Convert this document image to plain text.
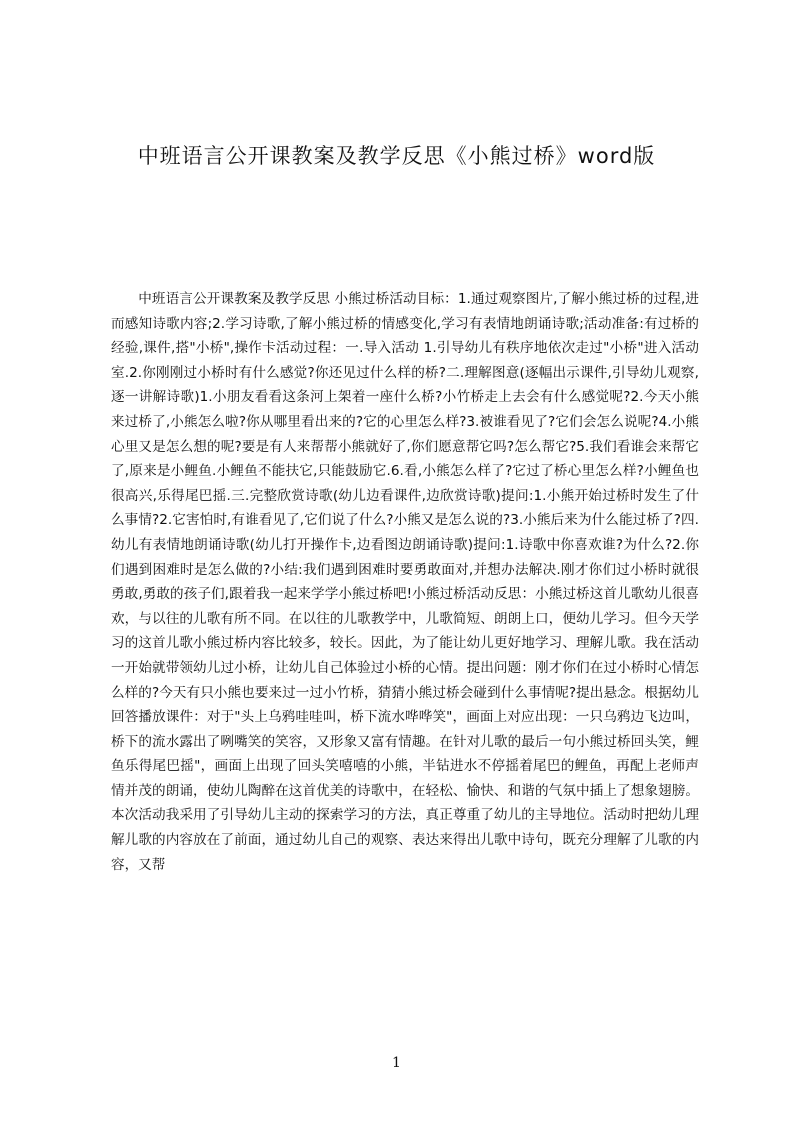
中班语言公开课教案及教学反思《小熊过桥》word版

中班语言公开课教案及教学反思 小熊过桥活动目标：1.通过观察图片,了解小熊过桥的过程,进而感知诗歌内容;2.学习诗歌,了解小熊过桥的情感变化,学习有表情地朗诵诗歌;活动准备:有过桥的经验,课件,搭"小桥",操作卡活动过程：一.导入活动 1.引导幼儿有秩序地依次走过"小桥"进入活动室.2.你刚刚过小桥时有什么感觉?你还见过什么样的桥?二.理解图意(逐幅出示课件,引导幼儿观察,逐一讲解诗歌)1.小朋友看看这条河上架着一座什么桥?小竹桥走上去会有什么感觉呢?2.今天小熊来过桥了,小熊怎么啦?你从哪里看出来的?它的心里怎么样?3.被谁看见了?它们会怎么说呢?4.小熊心里又是怎么想的呢?要是有人来帮帮小熊就好了,你们愿意帮它吗?怎么帮它?5.我们看谁会来帮它了,原来是小鲤鱼.小鲤鱼不能扶它,只能鼓励它.6.看,小熊怎么样了?它过了桥心里怎么样?小鲤鱼也很高兴,乐得尾巴摇.三.完整欣赏诗歌(幼儿边看课件,边欣赏诗歌)提问:1.小熊开始过桥时发生了什么事情?2.它害怕时,有谁看见了,它们说了什么?小熊又是怎么说的?3.小熊后来为什么能过桥了?四.幼儿有表情地朗诵诗歌(幼儿打开操作卡,边看图边朗诵诗歌)提问:1.诗歌中你喜欢谁?为什么?2.你们遇到困难时是怎么做的?小结:我们遇到困难时要勇敢面对,并想办法解决.刚才你们过小桥时就很勇敢,勇敢的孩子们,跟着我一起来学学小熊过桥吧!小熊过桥活动反思：小熊过桥这首儿歌幼儿很喜欢，与以往的儿歌有所不同。在以往的儿歌教学中，儿歌简短、朗朗上口，便幼儿学习。但今天学习的这首儿歌小熊过桥内容比较多，较长。因此，为了能让幼儿更好地学习、理解儿歌。我在活动一开始就带领幼儿过小桥，让幼儿自己体验过小桥的心情。提出问题：刚才你们在过小桥时心情怎么样的?今天有只小熊也要来过一过小竹桥，猜猜小熊过桥会碰到什么事情呢?提出悬念。根据幼儿回答播放课件：对于"头上乌鸦哇哇叫，桥下流水哗哗笑"，画面上对应出现：一只乌鸦边飞边叫，桥下的流水露出了咧嘴笑的笑容，又形象又富有情趣。在针对儿歌的最后一句小熊过桥回头笑，鲤鱼乐得尾巴摇"，画面上出现了回头笑嘻嘻的小熊，半钻进水不停摇着尾巴的鲤鱼，再配上老师声情并茂的朗诵，使幼儿陶醉在这首优美的诗歌中，在轻松、愉快、和谐的气氛中插上了想象翅膀。本次活动我采用了引导幼儿主动的探索学习的方法，真正尊重了幼儿的主导地位。活动时把幼儿理解儿歌的内容放在了前面，通过幼儿自己的观察、表达来得出儿歌中诗句，既充分理解了儿歌的内容，又帮

1
